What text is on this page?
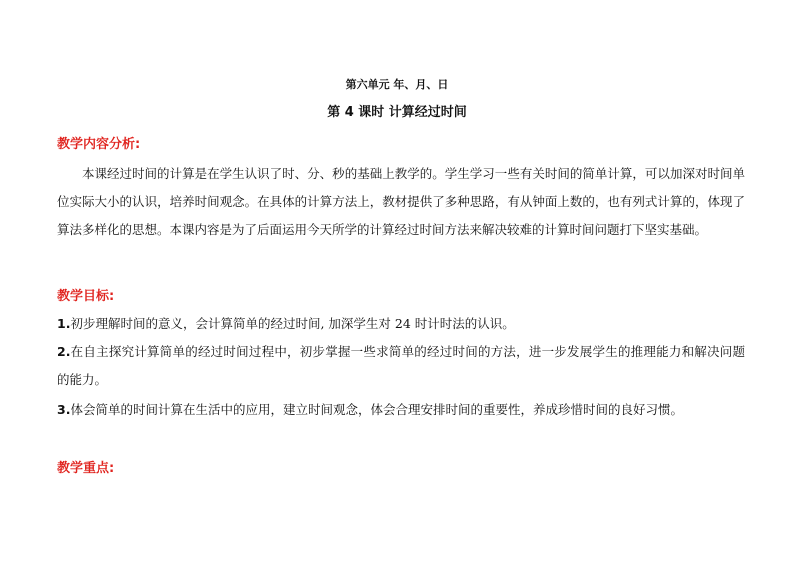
第六单元 年、月、日
第 4 课时 计算经过时间
教学内容分析:
本课经过时间的计算是在学生认识了时、分、秒的基础上教学的。学生学习一些有关时间的简单计算，可以加深对时间单位实际大小的认识，培养时间观念。在具体的计算方法上，教材提供了多种思路，有从钟面上数的，也有列式计算的，体现了算法多样化的思想。本课内容是为了后面运用今天所学的计算经过时间方法来解决较难的计算时间问题打下坚实基础。
教学目标:
1.初步理解时间的意义，会计算简单的经过时间, 加深学生对 24 时计时法的认识。
2.在自主探究计算简单的经过时间过程中，初步掌握一些求简单的经过时间的方法，进一步发展学生的推理能力和解决问题的能力。
3.体会简单的时间计算在生活中的应用，建立时间观念，体会合理安排时间的重要性，养成珍惜时间的良好习惯。
教学重点:
